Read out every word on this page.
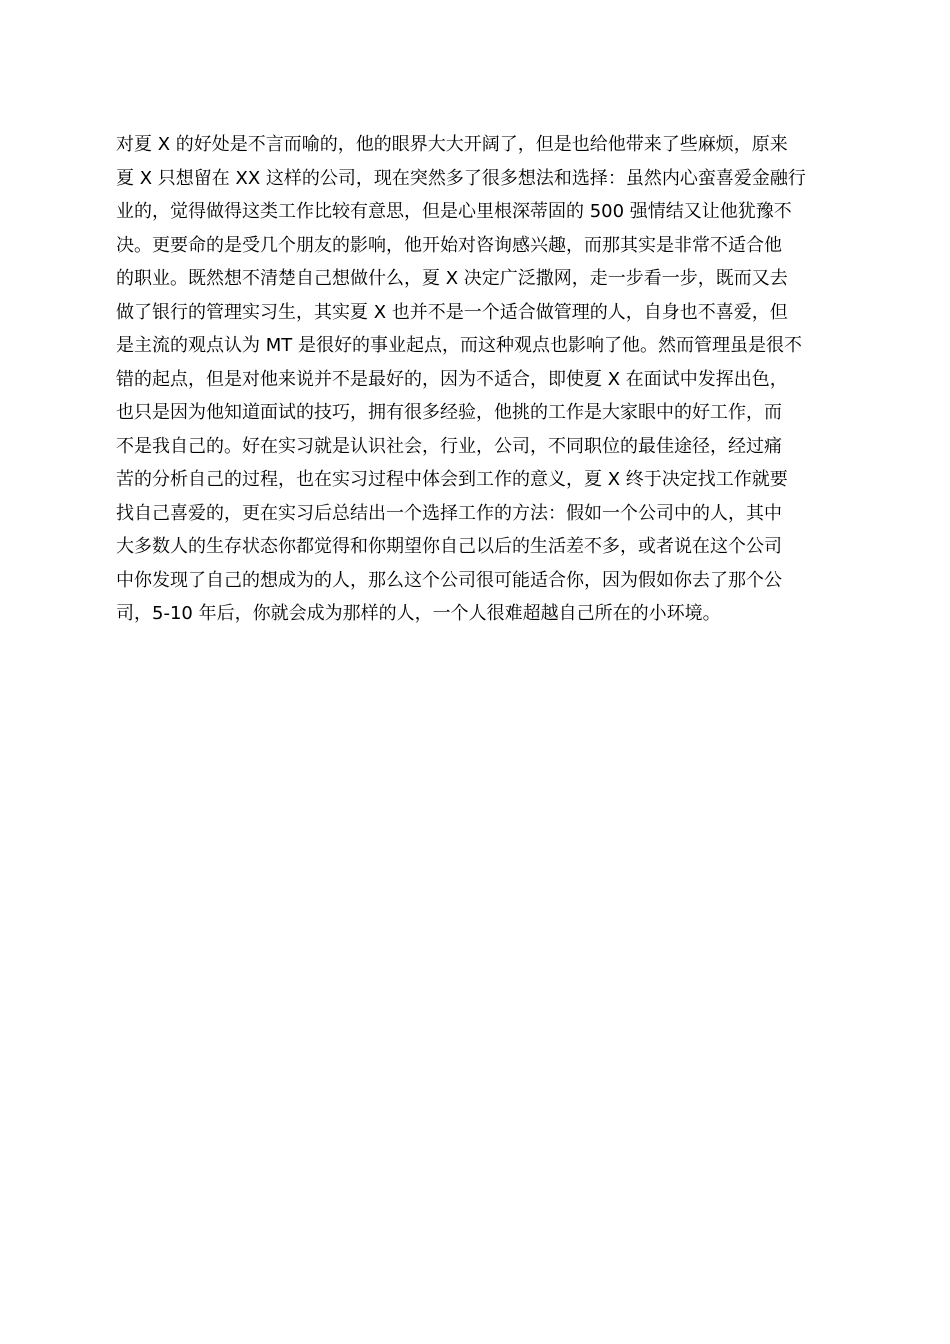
对夏 X 的好处是不言而喻的，他的眼界大大开阔了，但是也给他带来了些麻烦，原来
夏 X 只想留在 XX 这样的公司，现在突然多了很多想法和选择：虽然内心蛮喜爱金融行
业的，觉得做得这类工作比较有意思，但是心里根深蒂固的 500 强情结又让他犹豫不
决。更要命的是受几个朋友的影响，他开始对咨询感兴趣，而那其实是非常不适合他
的职业。既然想不清楚自己想做什么，夏 X 决定广泛撒网，走一步看一步，既而又去
做了银行的管理实习生，其实夏 X 也并不是一个适合做管理的人，自身也不喜爱，但
是主流的观点认为 MT 是很好的事业起点，而这种观点也影响了他。然而管理虽是很不
错的起点，但是对他来说并不是最好的，因为不适合，即使夏 X 在面试中发挥出色，
也只是因为他知道面试的技巧，拥有很多经验，他挑的工作是大家眼中的好工作，而
不是我自己的。好在实习就是认识社会，行业，公司，不同职位的最佳途径，经过痛
苦的分析自己的过程，也在实习过程中体会到工作的意义，夏 X 终于决定找工作就要
找自己喜爱的，更在实习后总结出一个选择工作的方法：假如一个公司中的人，其中
大多数人的生存状态你都觉得和你期望你自己以后的生活差不多，或者说在这个公司
中你发现了自己的想成为的人，那么这个公司很可能适合你，因为假如你去了那个公
司，5-10 年后，你就会成为那样的人，一个人很难超越自己所在的小环境。
